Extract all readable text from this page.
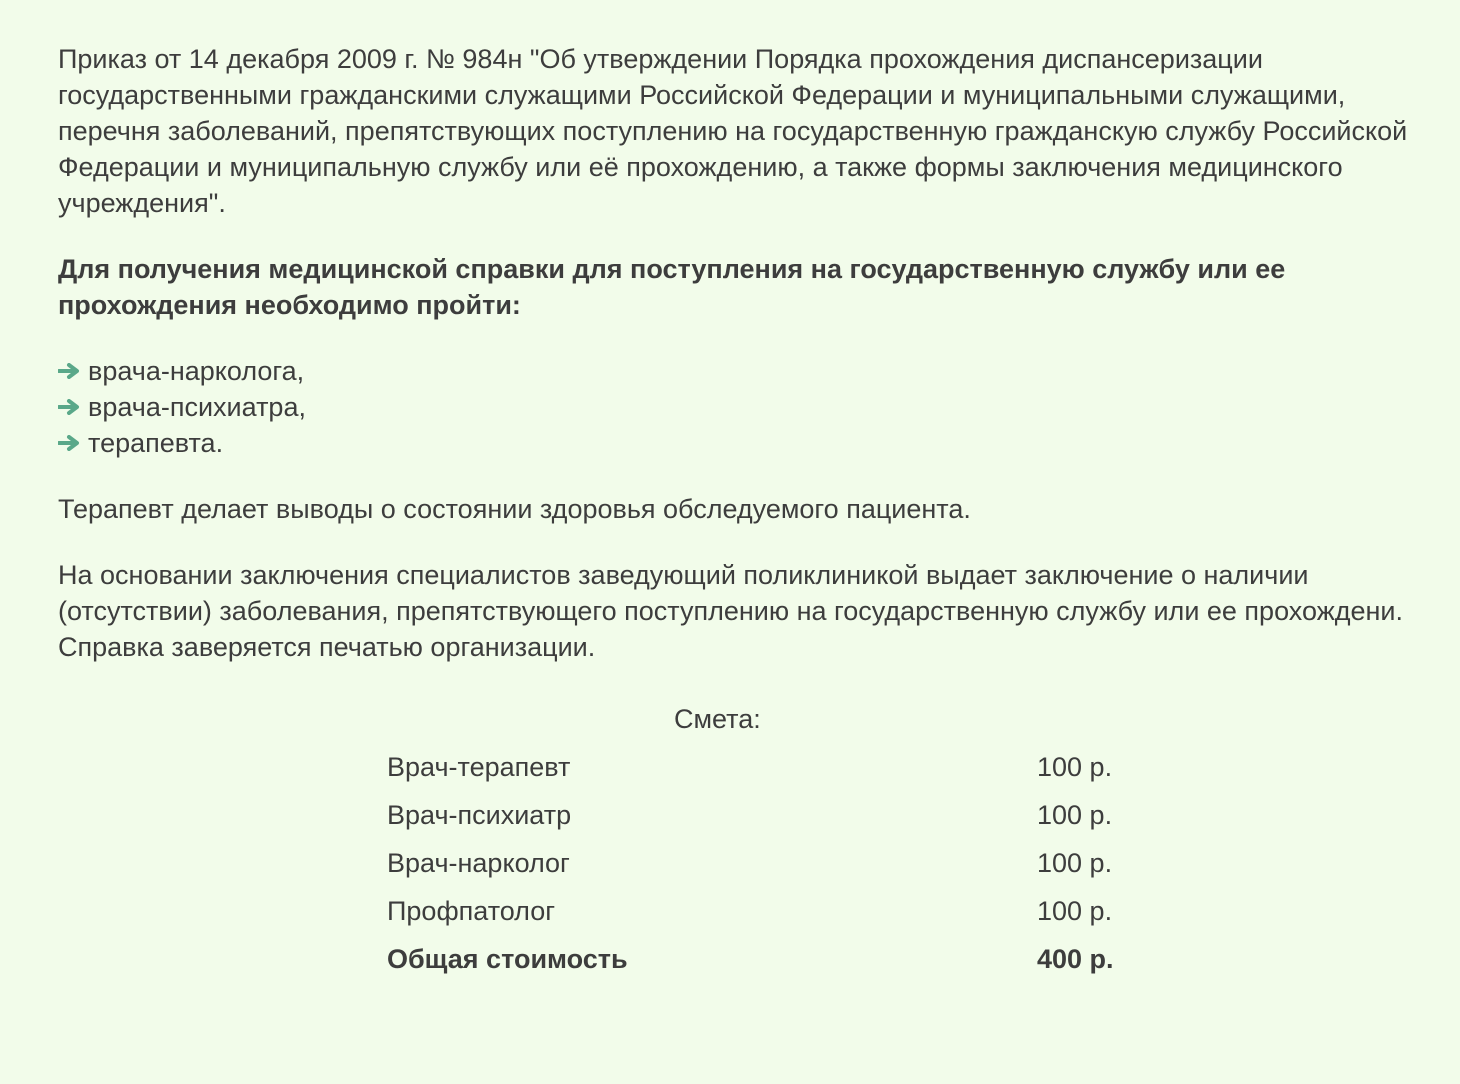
Приказ от 14 декабря 2009 г. № 984н "Об утверждении Порядка прохождения диспансеризации государственными гражданскими служащими Российской Федерации и муниципальными служащими, перечня заболеваний, препятствующих поступлению на государственную гражданскую службу Российской Федерации и муниципальную службу или её прохождению, а также формы заключения медицинского учреждения".

Для получения медицинской справки для поступления на государственную службу или ее прохождения необходимо пройти:

врача-нарколога,
врача-психиатра,
терапевта.

Терапевт делает выводы о состоянии здоровья обследуемого пациента.

На основании заключения специалистов заведующий поликлиникой выдает заключение о наличии (отсутствии) заболевания, препятствующего поступлению на государственную службу или ее прохождени. Справка заверяется печатью организации.

Смета:
Врач-терапевт	100 р.
Врач-психиатр	100 р.
Врач-нарколог	100 р.
Профпатолог	100 р.
Общая стоимость	400 р.
